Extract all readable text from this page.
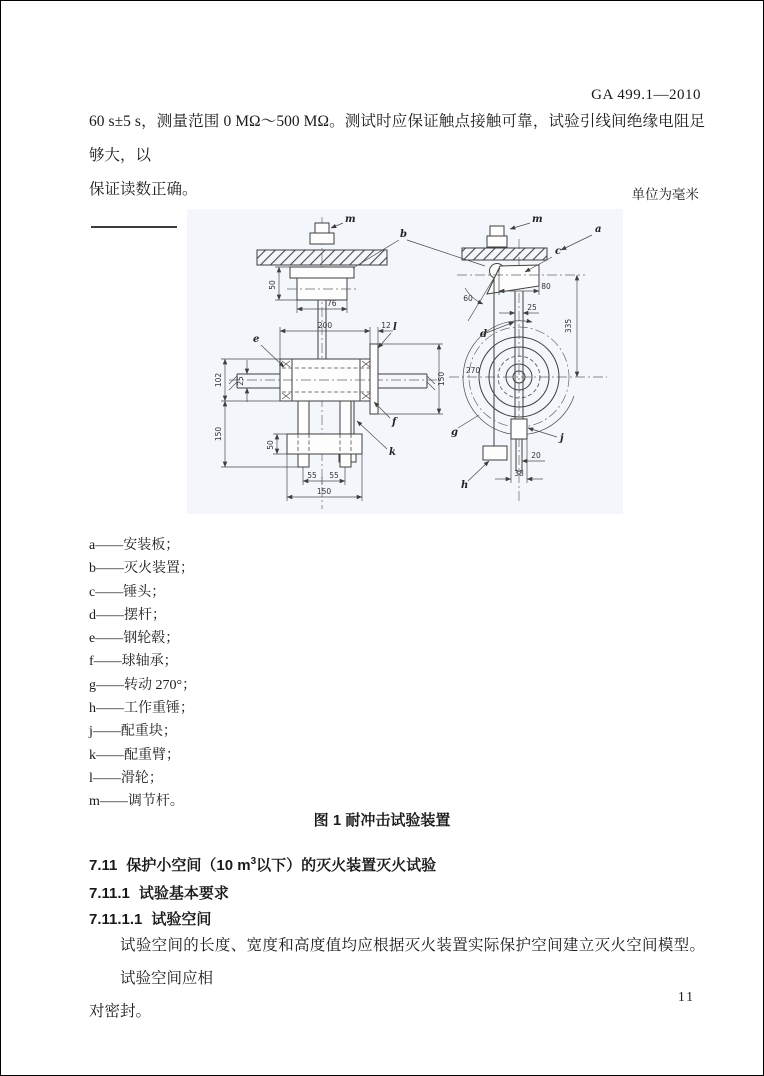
GA 499.1—2010
60 s±5 s，测量范围 0 MΩ～500 MΩ。测试时应保证触点接触可靠，试验引线间绝缘电阻足够大，以
保证读数正确。	单位为毫米
m
50
76
200	12
50
25
102
150
150
55 55
150
e
l
f
k
b
m
a
c
60
80
25
d
335
270
g
h
j
20
38
a——安装板；
b——灭火装置；
c——锤头；
d——摆杆；
e——钢轮毂；
f——球轴承；
g——转动 270°；
h——工作重锤；
j——配重块；
k——配重臂；
l——滑轮；
m——调节杆。
图 1 耐冲击试验装置
7.11 保护小空间（10 $m^3$以下）的灭火装置灭火试验
7.11.1 试验基本要求
7.11.1.1 试验空间
试验空间的长度、宽度和高度值均应根据灭火装置实际保护空间建立灭火空间模型。试验空间应相
对密封。
11
